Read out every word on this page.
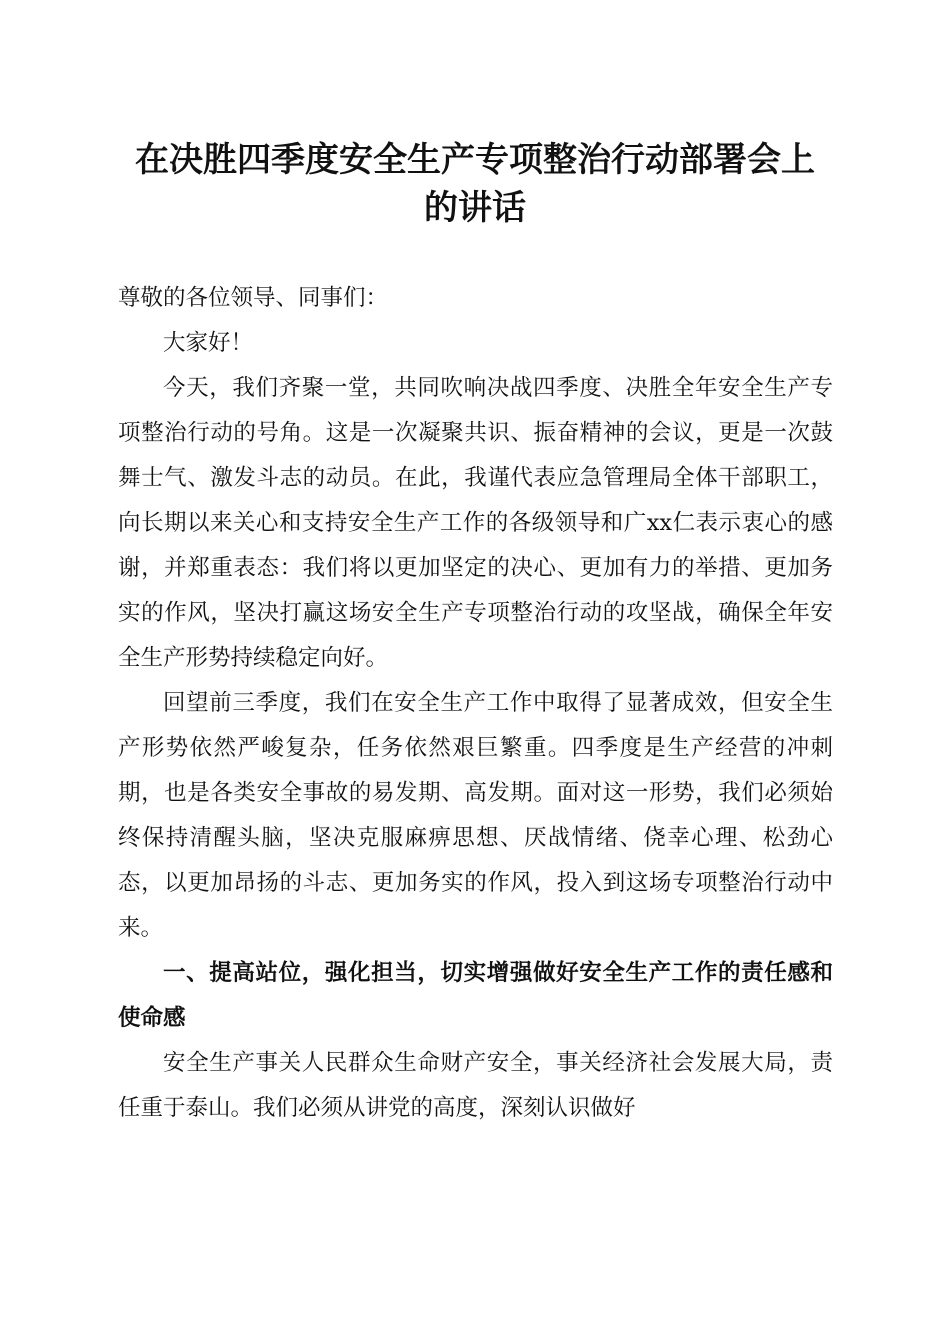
在决胜四季度安全生产专项整治行动部署会上
的讲话

尊敬的各位领导、同事们：

大家好！

今天，我们齐聚一堂，共同吹响决战四季度、决胜全年安全生产专项整治行动的号角。这是一次凝聚共识、振奋精神的会议，更是一次鼓舞士气、激发斗志的动员。在此，我谨代表应急管理局全体干部职工，向长期以来关心和支持安全生产工作的各级领导和广xx仁表示衷心的感谢，并郑重表态：我们将以更加坚定的决心、更加有力的举措、更加务实的作风，坚决打赢这场安全生产专项整治行动的攻坚战，确保全年安全生产形势持续稳定向好。

回望前三季度，我们在安全生产工作中取得了显著成效，但安全生产形势依然严峻复杂，任务依然艰巨繁重。四季度是生产经营的冲刺期，也是各类安全事故的易发期、高发期。面对这一形势，我们必须始终保持清醒头脑，坚决克服麻痹思想、厌战情绪、侥幸心理、松劲心态，以更加昂扬的斗志、更加务实的作风，投入到这场专项整治行动中来。

一、提高站位，强化担当，切实增强做好安全生产工作的责任感和使命感

安全生产事关人民群众生命财产安全，事关经济社会发展大局，责任重于泰山。我们必须从讲党的高度，深刻认识做好
